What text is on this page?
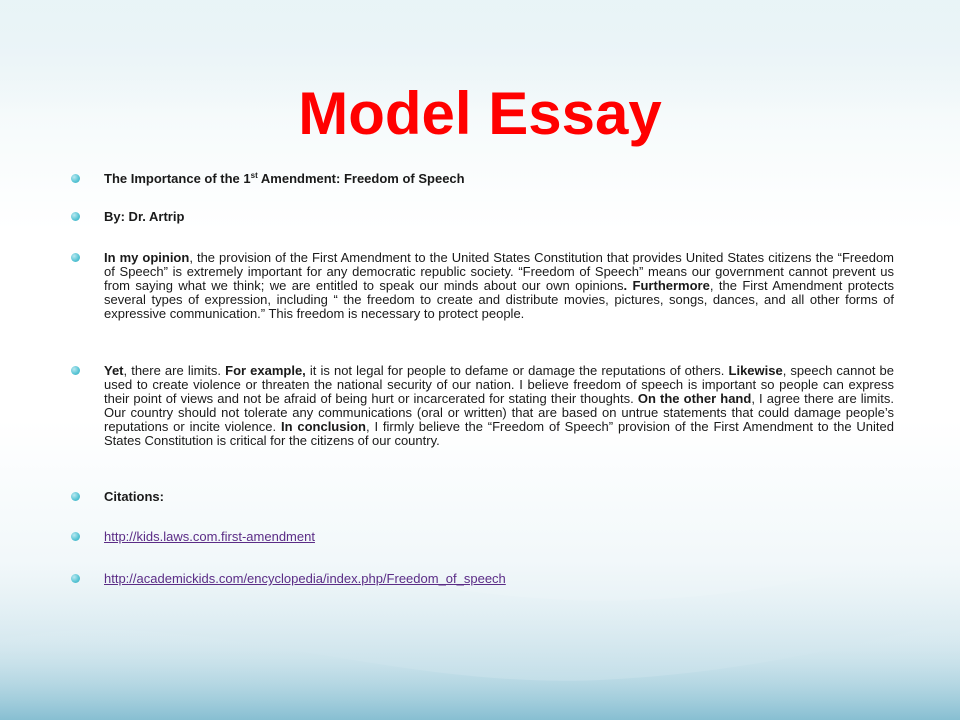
Model Essay
The Importance of the 1st Amendment: Freedom of Speech
By: Dr. Artrip
In my opinion, the provision of the First Amendment to the United States Constitution that provides United States citizens the “Freedom of Speech” is extremely important for any democratic republic society. “Freedom of Speech” means our government cannot prevent us from saying what we think; we are entitled to speak our minds about our own opinions. Furthermore, the First Amendment protects several types of expression, including “ the freedom to create and distribute movies, pictures, songs, dances, and all other forms of expressive communication.” This freedom is necessary to protect people.
Yet, there are limits. For example, it is not legal for people to defame or damage the reputations of others. Likewise, speech cannot be used to create violence or threaten the national security of our nation. I believe freedom of speech is important so people can express their point of views and not be afraid of being hurt or incarcerated for stating their thoughts. On the other hand, I agree there are limits. Our country should not tolerate any communications (oral or written) that are based on untrue statements that could damage people’s reputations or incite violence. In conclusion, I firmly believe the “Freedom of Speech” provision of the First Amendment to the United States Constitution is critical for the citizens of our country.
Citations:
http://kids.laws.com.first-amendment
http://academickids.com/encyclopedia/index.php/Freedom_of_speech
